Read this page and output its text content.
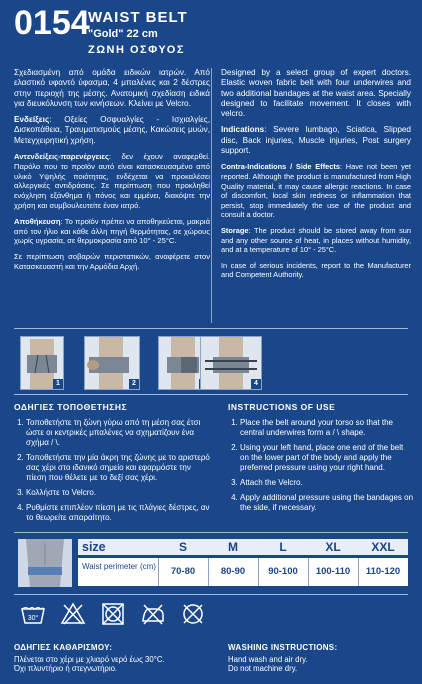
0154
WAIST BELT
"Gold" 22 cm
ΖΩΝΗ ΟΣΦΥΟΣ

Σχεδιασμένη από ομάδα ειδικών ιατρών. Από ελαστικό υφαντό ύφασμα, 4 μπαλένες και 2 δέστρες στην περιοχή της μέσης. Ανατομική σχεδίαση ειδικά για διευκόλυνση των κινήσεων. Κλείνει με Velcro.

Ενδείξεις: Οξείες Οσφυαλγίες - Ισχιαλγίες, Δισκοπάθεια, Τραυματισμούς μέσης, Κακώσεις μυών, Μετεγχειρητική χρήση.

Αντενδείξεις-παρενέργειες: δεν έχουν αναφερθεί. Παρόλο που το προϊόν αυτό είναι κατασκευασμένο από υλικό Υψηλής ποιότητας, ενδέχεται να προκαλέσει αλλεργικές αντιδράσεις. Σε περίπτωση που προκληθεί ενόχληση εξάνθημα ή πόνος και εμμένει, διακόψτε την χρήση και συμβουλευτείτε έναν ιατρό.

Αποθήκευση: Το προϊόν πρέπει να αποθηκεύεται, μακριά από τον ήλιο και κάθε άλλη πηγή θερμότητας, σε χώρους χωρίς υγρασία, σε θερμοκρασία από 10° - 25°C.

Σε περίπτωση σοβαρών περιστατικών, αναφέρετε στον Κατασκευαστή και την Αρμόδια Αρχή.

Designed by a select group of expert doctors. Elastic woven fabric belt with four underwires and two additional bandages at the waist area. Specially designed to facilitate movement. It closes with velcro.

Indications: Severe lumbago, Sciatica, Slipped disc, Back injuries, Muscle injuries, Post surgery support.

Contra-Indications / Side Effects: Have not been yet reported. Although the product is manufactured from High Quality material, it may cause allergic reactions. In case of discomfort, local skin redness or inflammation that persist, stop immediately the use of the product and consult a doctor.

Storage: The product should be stored away from sun and any other source of heat, in places without humidity, and at a temperature of 10° - 25°C.

In case of serious incidents, report to the Manufacturer and Competent Authority.

1	2	4
ΟΔΗΓΙΕΣ ΤΟΠΟΘΕΤΗΣΗΣ
1. Τοποθετήστε τη ζώνη γύρω από τη μέση σας έτσι ώστε οι κεντρικές μπαλένες να σχηματίζουν ένα σχήμα / \.
2. Τοποθετήστε την μία άκρη της ζώνης με το αριστερό σας χέρι στο ιδανικό σημείο και εφαρμόστε την πίεση που θέλετε με το δεξί σας χέρι.
3. Κολλήστε το Velcro.
4. Ρυθμίστε επιπλέον πίεση με τις πλάγιες δέστρες, αν το θεωρείτε απαραίτητο.
INSTRUCTIONS OF USE
1. Place the belt around your torso so that the central underwires form a / \ shape.
2. Using your left hand, place one end of the belt on the lower part of the body and apply the preferred pressure using your right hand.
3. Attach the Velcro.
4. Apply additional pressure using the bandages on the side, if necessary.
size	S	M	L	XL	XXL
Waist perimeter (cm)	70-80	80-90	90-100	100-110	110-120
30°
ΟΔΗΓΙΕΣ ΚΑΘΑΡΙΣΜΟΥ:
Πλένεται στο χέρι με χλιαρό νερό έως 30°C.
Όχι πλυντήριο ή στεγνωτήριο.
WASHING INSTRUCTIONS:
Hand wash and air dry.
Do not machine dry.
